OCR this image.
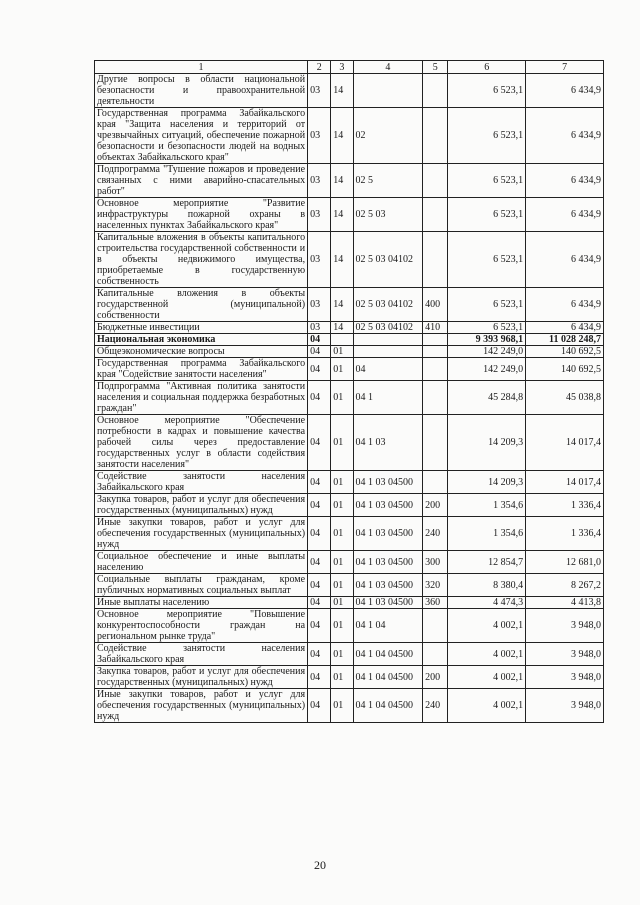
1	2	3	4	5	6	7
Другие вопросы в области национальной безопасности и правоохранительной деятельности	03	14			6 523,1	6 434,9
Государственная программа Забайкальского края "Защита населения и территорий от чрезвычайных ситуаций, обеспечение пожарной безопасности и безопасности людей на водных объектах Забайкальского края"	03	14	02		6 523,1	6 434,9
Подпрограмма "Тушение пожаров и проведение связанных с ними аварийно-спасательных работ"	03	14	02 5		6 523,1	6 434,9
Основное мероприятие "Развитие инфраструктуры пожарной охраны в населенных пунктах Забайкальского края"	03	14	02 5 03		6 523,1	6 434,9
Капитальные вложения в объекты капитального строительства государственной собственности и в объекты недвижимого имущества, приобретаемые в государственную собственность	03	14	02 5 03 04102		6 523,1	6 434,9
Капитальные вложения в объекты государственной (муниципальной) собственности	03	14	02 5 03 04102	400	6 523,1	6 434,9
Бюджетные инвестиции	03	14	02 5 03 04102	410	6 523,1	6 434,9
Национальная экономика	04				9 393 968,1	11 028 248,7
Общеэкономические вопросы	04	01			142 249,0	140 692,5
Государственная программа Забайкальского края "Содействие занятости населения"	04	01	04		142 249,0	140 692,5
Подпрограмма "Активная политика занятости населения и социальная поддержка безработных граждан"	04	01	04 1		45 284,8	45 038,8
Основное мероприятие "Обеспечение потребности в кадрах и повышение качества рабочей силы через предоставление государственных услуг в области содействия занятости населения"	04	01	04 1 03		14 209,3	14 017,4
Содействие занятости населения Забайкальского края	04	01	04 1 03 04500		14 209,3	14 017,4
Закупка товаров, работ и услуг для обеспечения государственных (муниципальных) нужд	04	01	04 1 03 04500	200	1 354,6	1 336,4
Иные закупки товаров, работ и услуг для обеспечения государственных (муниципальных) нужд	04	01	04 1 03 04500	240	1 354,6	1 336,4
Социальное обеспечение и иные выплаты населению	04	01	04 1 03 04500	300	12 854,7	12 681,0
Социальные выплаты гражданам, кроме публичных нормативных социальных выплат	04	01	04 1 03 04500	320	8 380,4	8 267,2
Иные выплаты населению	04	01	04 1 03 04500	360	4 474,3	4 413,8
Основное мероприятие "Повышение конкурентоспособности граждан на региональном рынке труда"	04	01	04 1 04		4 002,1	3 948,0
Содействие занятости населения Забайкальского края	04	01	04 1 04 04500		4 002,1	3 948,0
Закупка товаров, работ и услуг для обеспечения государственных (муниципальных) нужд	04	01	04 1 04 04500	200	4 002,1	3 948,0
Иные закупки товаров, работ и услуг для обеспечения государственных (муниципальных) нужд	04	01	04 1 04 04500	240	4 002,1	3 948,0
20
